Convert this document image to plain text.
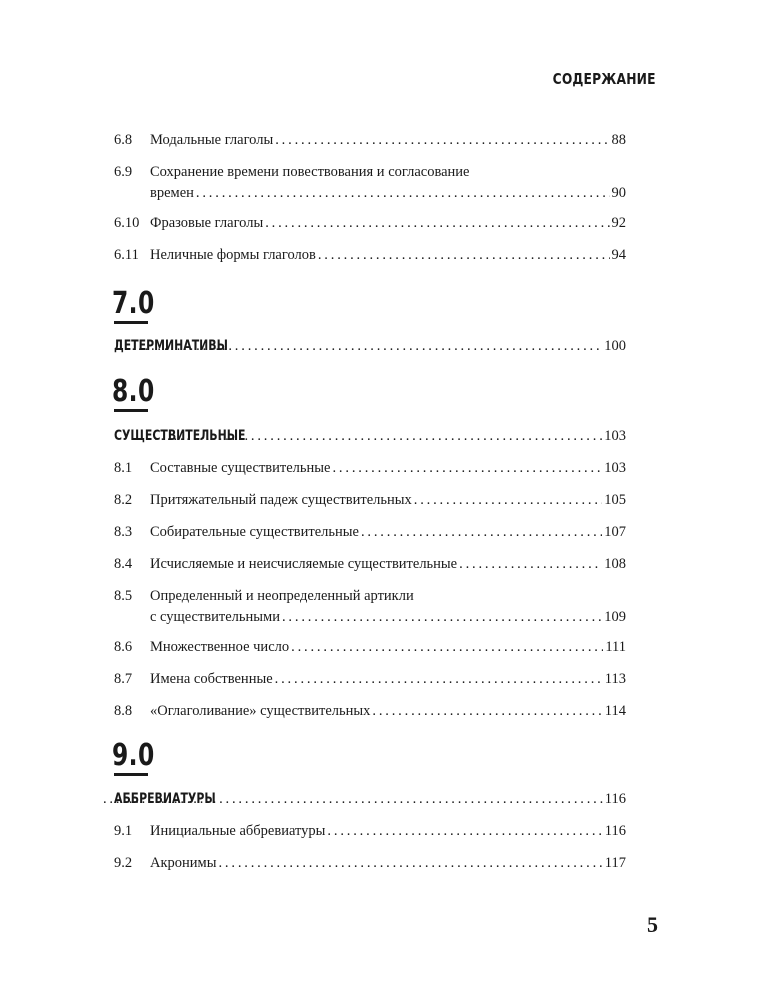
СОДЕРЖАНИЕ
6.8 Модальные глаголы . . .	88
6.9 Сохранение времени повествования и согласование
времен . . .	90
6.10 Фразовые глаголы . . .	92
6.11 Неличные формы глаголов . . .	94
7.0
ДЕТЕРМИНАТИВЫ . . .	100
8.0
СУЩЕСТВИТЕЛЬНЫЕ . . .	103
8.1 Составные существительные . . .	103
8.2 Притяжательный падеж существительных . . .	105
8.3 Собирательные существительные . . .	107
8.4 Исчисляемые и неисчисляемые существительные . . .	108
8.5 Определенный и неопределенный артикли
с существительными . . .	109
8.6 Множественное число . . .	111
8.7 Имена собственные . . .	113
8.8 «Оглаголивание» существительных . . .	114
9.0
АББРЕВИАТУРЫ . . .	116
9.1 Инициальные аббревиатуры . . .	116
9.2 Акронимы . . .	117
5
